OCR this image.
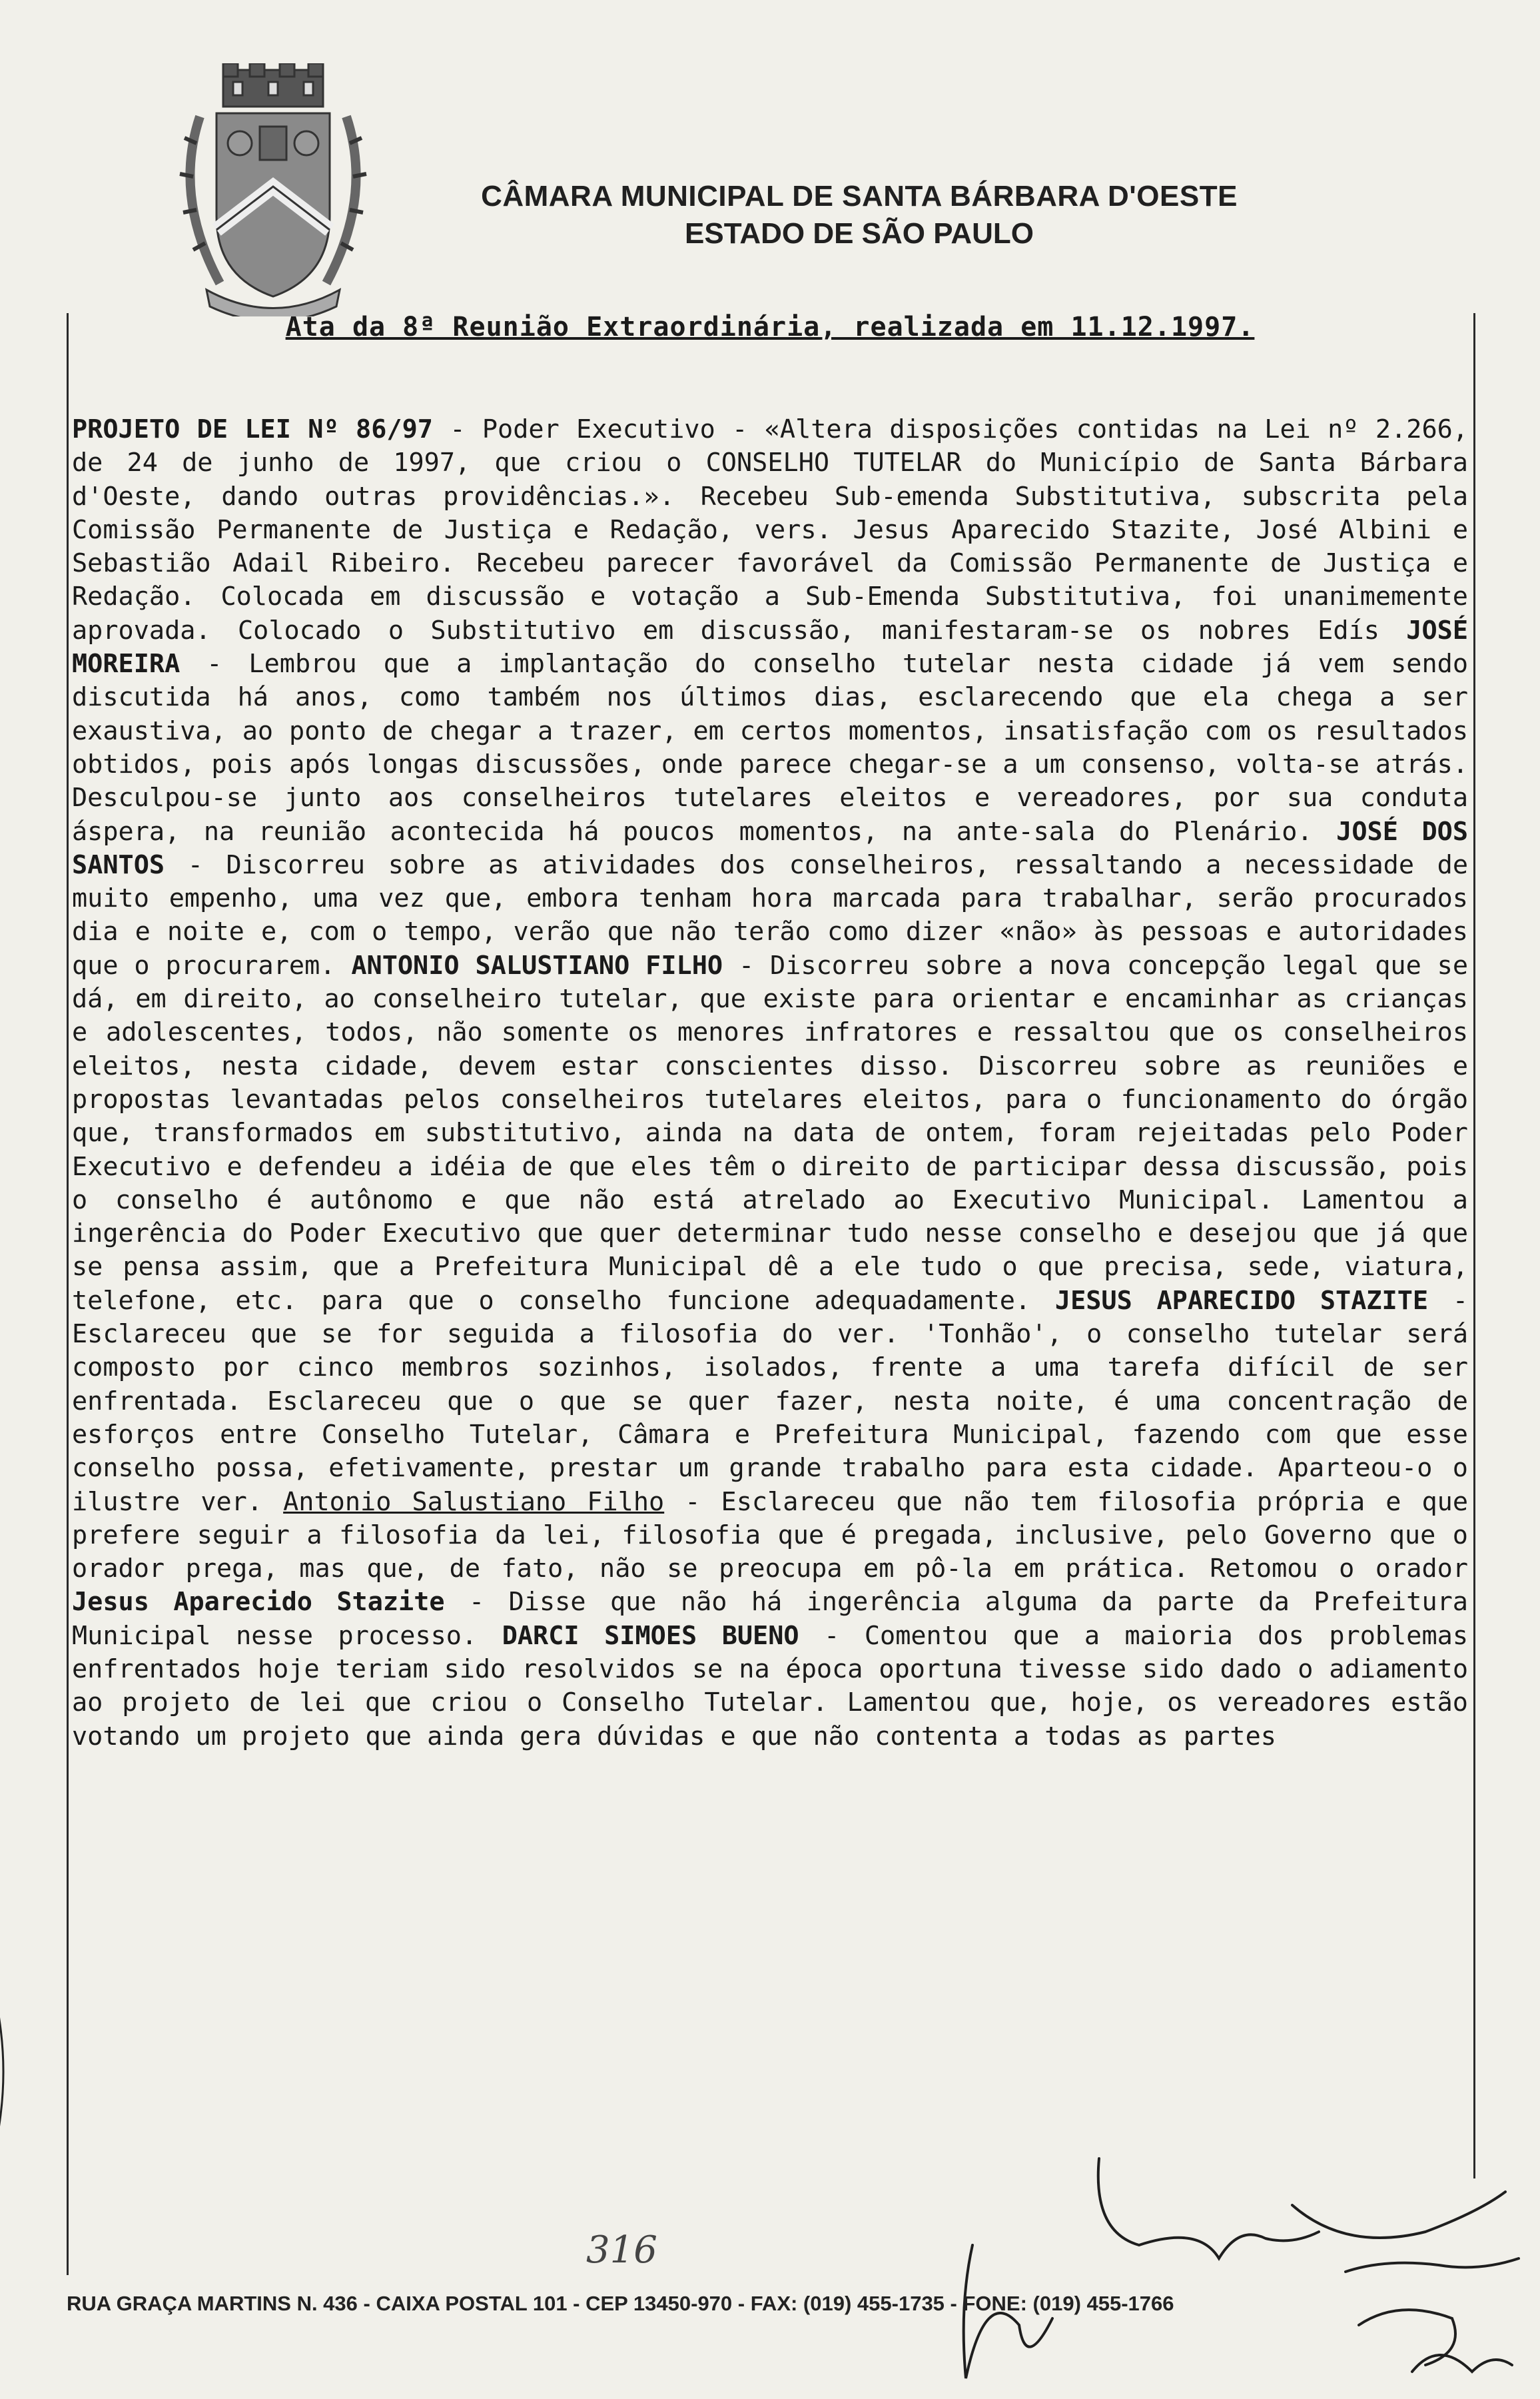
CÂMARA MUNICIPAL DE SANTA BÁRBARA D'OESTE
ESTADO DE SÃO PAULO
Ata da 8ª Reunião Extraordinária, realizada em 11.12.1997.

PROJETO DE LEI Nº 86/97 - Poder Executivo - «Altera disposições contidas na Lei nº 2.266, de 24 de junho de 1997, que criou o CONSELHO TUTELAR do Município de Santa Bárbara d'Oeste, dando outras providências.». Recebeu Sub-emenda Substitutiva, subscrita pela Comissão Permanente de Justiça e Redação, vers. Jesus Aparecido Stazite, José Albini e Sebastião Adail Ribeiro. Recebeu parecer favorável da Comissão Permanente de Justiça e Redação. Colocada em discussão e votação a Sub-Emenda Substitutiva, foi unanimemente aprovada. Colocado o Substitutivo em discussão, manifestaram-se os nobres Edís JOSÉ MOREIRA - Lembrou que a implantação do conselho tutelar nesta cidade já vem sendo discutida há anos, como também nos últimos dias, esclarecendo que ela chega a ser exaustiva, ao ponto de chegar a trazer, em certos momentos, insatisfação com os resultados obtidos, pois após longas discussões, onde parece chegar-se a um consenso, volta-se atrás. Desculpou-se junto aos conselheiros tutelares eleitos e vereadores, por sua conduta áspera, na reunião acontecida há poucos momentos, na ante-sala do Plenário. JOSÉ DOS SANTOS - Discorreu sobre as atividades dos conselheiros, ressaltando a necessidade de muito empenho, uma vez que, embora tenham hora marcada para trabalhar, serão procurados dia e noite e, com o tempo, verão que não terão como dizer «não» às pessoas e autoridades que o procurarem. ANTONIO SALUSTIANO FILHO - Discorreu sobre a nova concepção legal que se dá, em direito, ao conselheiro tutelar, que existe para orientar e encaminhar as crianças e adolescentes, todos, não somente os menores infratores e ressaltou que os conselheiros eleitos, nesta cidade, devem estar conscientes disso. Discorreu sobre as reuniões e propostas levantadas pelos conselheiros tutelares eleitos, para o funcionamento do órgão que, transformados em substitutivo, ainda na data de ontem, foram rejeitadas pelo Poder Executivo e defendeu a idéia de que eles têm o direito de participar dessa discussão, pois o conselho é autônomo e que não está atrelado ao Executivo Municipal. Lamentou a ingerência do Poder Executivo que quer determinar tudo nesse conselho e desejou que já que se pensa assim, que a Prefeitura Municipal dê a ele tudo o que precisa, sede, viatura, telefone, etc. para que o conselho funcione adequadamente. JESUS APARECIDO STAZITE - Esclareceu que se for seguida a filosofia do ver. 'Tonhão', o conselho tutelar será composto por cinco membros sozinhos, isolados, frente a uma tarefa difícil de ser enfrentada. Esclareceu que o que se quer fazer, nesta noite, é uma concentração de esforços entre Conselho Tutelar, Câmara e Prefeitura Municipal, fazendo com que esse conselho possa, efetivamente, prestar um grande trabalho para esta cidade. Aparteou-o o ilustre ver. Antonio Salustiano Filho - Esclareceu que não tem filosofia própria e que prefere seguir a filosofia da lei, filosofia que é pregada, inclusive, pelo Governo que o orador prega, mas que, de fato, não se preocupa em pô-la em prática. Retomou o orador Jesus Aparecido Stazite - Disse que não há ingerência alguma da parte da Prefeitura Municipal nesse processo. DARCI SIMOES BUENO - Comentou que a maioria dos problemas enfrentados hoje teriam sido resolvidos se na época oportuna tivesse sido dado o adiamento ao projeto de lei que criou o Conselho Tutelar. Lamentou que, hoje, os vereadores estão votando um projeto que ainda gera dúvidas e que não contenta a todas as partes

316
RUA GRAÇA MARTINS N. 436 - CAIXA POSTAL 101 - CEP 13450-970 - FAX: (019) 455-1735 - FONE: (019) 455-1766
